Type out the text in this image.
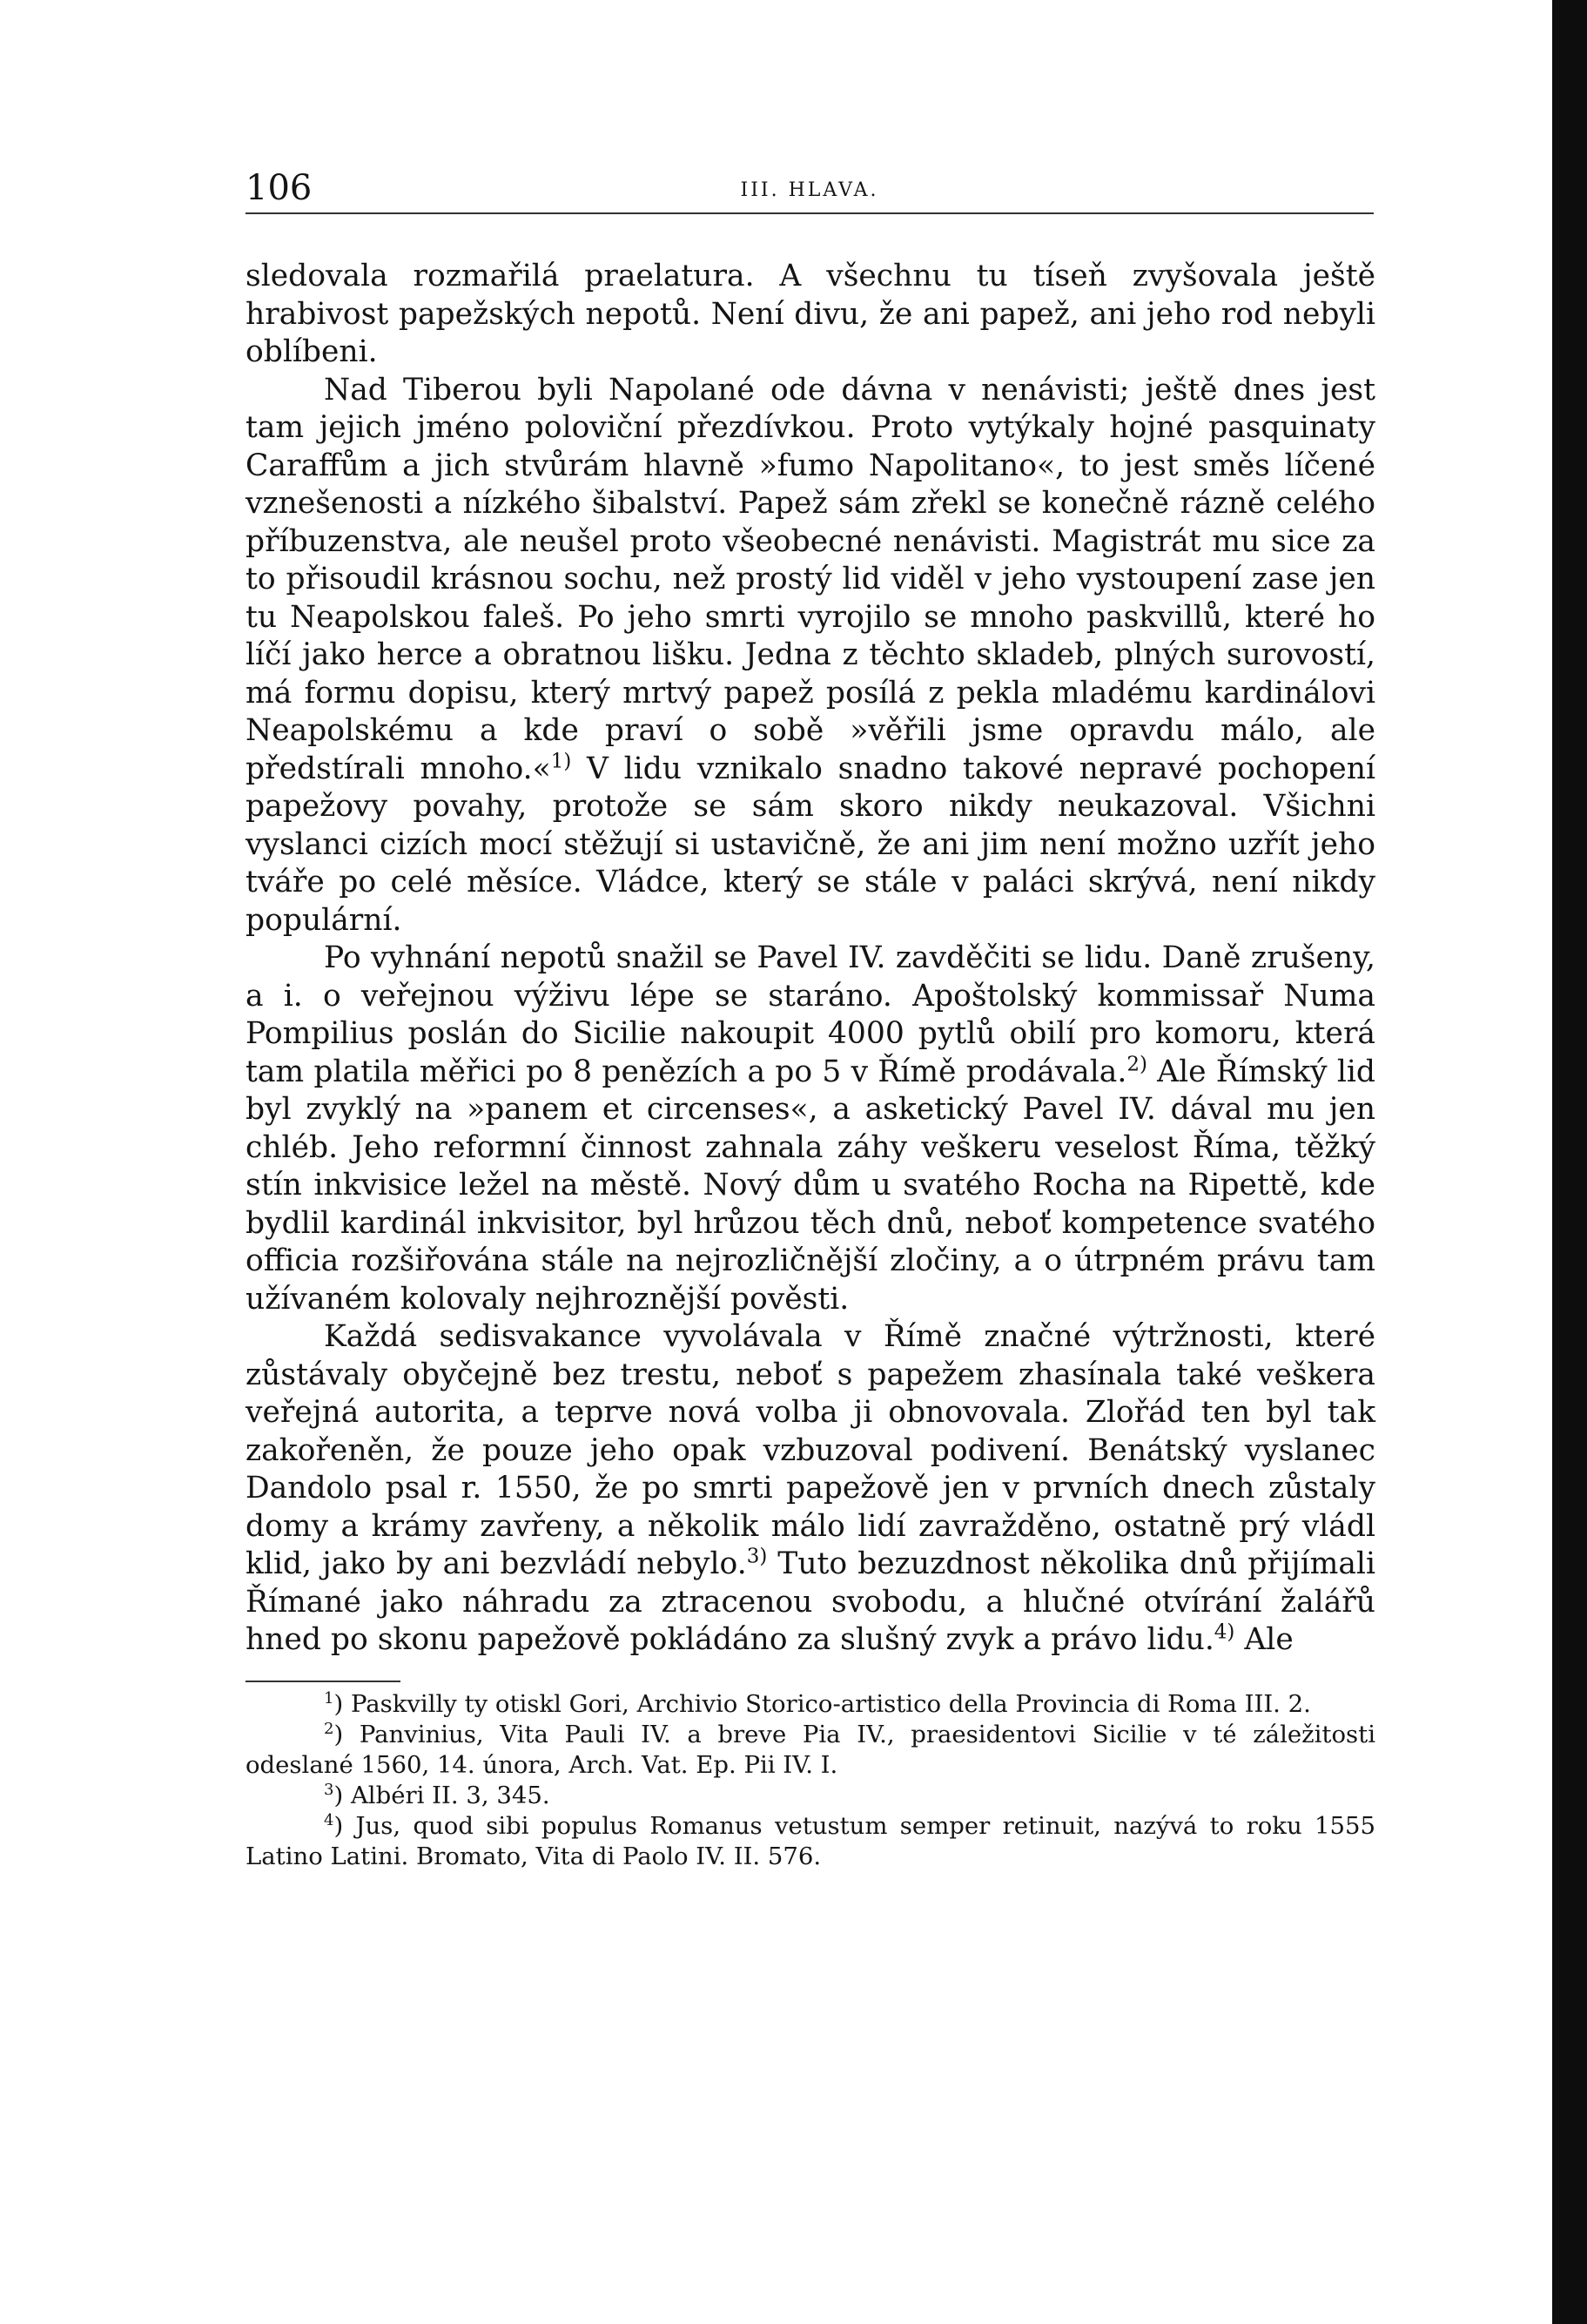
106	III. HLAVA.

sledovala rozmařilá praelatura. A všechnu tu tíseň zvyšovala ještě hrabivost papežských nepotů. Není divu, že ani papež, ani jeho rod nebyli oblíbeni.

Nad Tiberou byli Napolané ode dávna v nenávisti; ještě dnes jest tam jejich jméno poloviční přezdívkou. Proto vytýkaly hojné pasquinaty Caraffům a jich stvůrám hlavně »fumo Napolitano«, to jest směs líčené vznešenosti a nízkého šibalství. Papež sám zřekl se konečně rázně celého příbuzenstva, ale neušel proto všeobecné nenávisti. Magistrát mu sice za to přisoudil krásnou sochu, než prostý lid viděl v jeho vystoupení zase jen tu Neapolskou faleš. Po jeho smrti vyrojilo se mnoho paskvillů, které ho líčí jako herce a obratnou lišku. Jedna z těchto skladeb, plných surovostí, má formu dopisu, který mrtvý papež posílá z pekla mladému kardinálovi Neapolskému a kde praví o sobě »věřili jsme opravdu málo, ale předstírali mnoho.«$^{1)}$ V lidu vznikalo snadno takové nepravé pochopení papežovy povahy, protože se sám skoro nikdy neukazoval. Všichni vyslanci cizích mocí stěžují si ustavičně, že ani jim není možno uzřít jeho tváře po celé měsíce. Vládce, který se stále v paláci skrývá, není nikdy populární.

Po vyhnání nepotů snažil se Pavel IV. zavděčiti se lidu. Daně zrušeny, a i. o veřejnou výživu lépe se staráno. Apoštolský kommissař Numa Pompilius poslán do Sicilie nakoupit 4000 pytlů obilí pro komoru, která tam platila měřici po 8 penězích a po 5 v Římě prodávala.$^{2)}$ Ale Římský lid byl zvyklý na »panem et circenses«, a asketický Pavel IV. dával mu jen chléb. Jeho reformní činnost zahnala záhy veškeru veselost Říma, těžký stín inkvisice ležel na městě. Nový dům u svatého Rocha na Ripettě, kde bydlil kardinál inkvisitor, byl hrůzou těch dnů, neboť kompetence svatého officia rozšiřována stále na nejrozličnější zločiny, a o útrpném právu tam užívaném kolovaly nejhroznější pověsti.

Každá sedisvakance vyvolávala v Římě značné výtržnosti, které zůstávaly obyčejně bez trestu, neboť s papežem zhasínala také veškera veřejná autorita, a teprve nová volba ji obnovovala. Zlořád ten byl tak zakořeněn, že pouze jeho opak vzbuzoval podivení. Benátský vyslanec Dandolo psal r. 1550, že po smrti papežově jen v prvních dnech zůstaly domy a krámy zavřeny, a několik málo lidí zavražděno, ostatně prý vládl klid, jako by ani bezvládí nebylo.$^{3)}$ Tuto bezuzdnost několika dnů přijímali Římané jako náhradu za ztracenou svobodu, a hlučné otvírání žalářů hned po skonu papežově pokládáno za slušný zvyk a právo lidu.$^{4)}$ Ale

$^1$) Paskvilly ty otiskl Gori, Archivio Storico-artistico della Provincia di Roma III. 2.

$^2$) Panvinius, Vita Pauli IV. a breve Pia IV., praesidentovi Sicilie v té záležitosti odeslané 1560, 14. února, Arch. Vat. Ep. Pii IV. I.

$^3$) Albéri II. 3, 345.

$^4$) Jus, quod sibi populus Romanus vetustum semper retinuit, nazývá to roku 1555 Latino Latini. Bromato, Vita di Paolo IV. II. 576.
